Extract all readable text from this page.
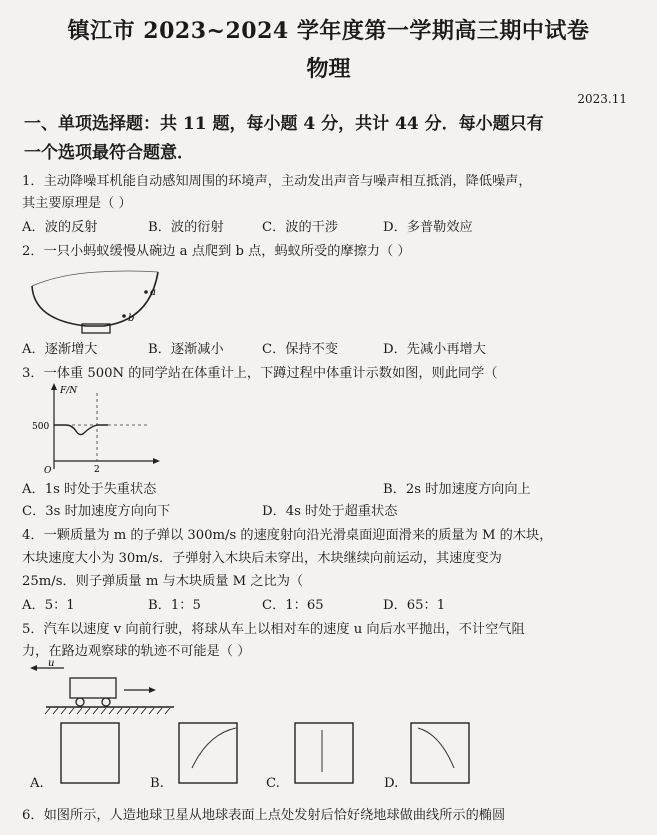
镇江市 2023~2024 学年度第一学期高三期中试卷
物理
2023.11
一、单项选择题：共 11 题，每小题 4 分，共计 44 分．每小题只有
一个选项最符合题意．
1．主动降噪耳机能自动感知周围的环境声，主动发出声音与噪声相互抵消，降低噪声，
其主要原理是（ ）
A．波的反射	B．波的衍射	C．波的干涉	D．多普勒效应
2．一只小蚂蚁缓慢从碗边 a 点爬到 b 点，蚂蚁所受的摩擦力（ ）
a
b
A．逐渐增大	B．逐渐减小	C．保持不变	D．先减小再增大
3．一体重 500N 的同学站在体重计上，下蹲过程中体重计示数如图，则此同学（
F/N
500
O	2
A．1s 时处于失重状态	B．2s 时加速度方向向上
C．3s 时加速度方向向下	D．4s 时处于超重状态
4．一颗质量为 m 的子弹以 300m/s 的速度射向沿光滑桌面迎面滑来的质量为 M 的木块，
木块速度大小为 30m/s．子弹射入木块后未穿出，木块继续向前运动，其速度变为
25m/s．则子弹质量 m 与木块质量 M 之比为（
A．5：1	B．1：5	C．1：65	D．65：1
5．汽车以速度 v 向前行驶，将球从车上以相对车的速度 u 向后水平抛出，不计空气阻
力，在路边观察球的轨迹不可能是（ ）
u
A.	B.	C.	D.
6．如图所示，人造地球卫星从地球表面上点处发射后恰好绕地球做曲线所示的椭圆
